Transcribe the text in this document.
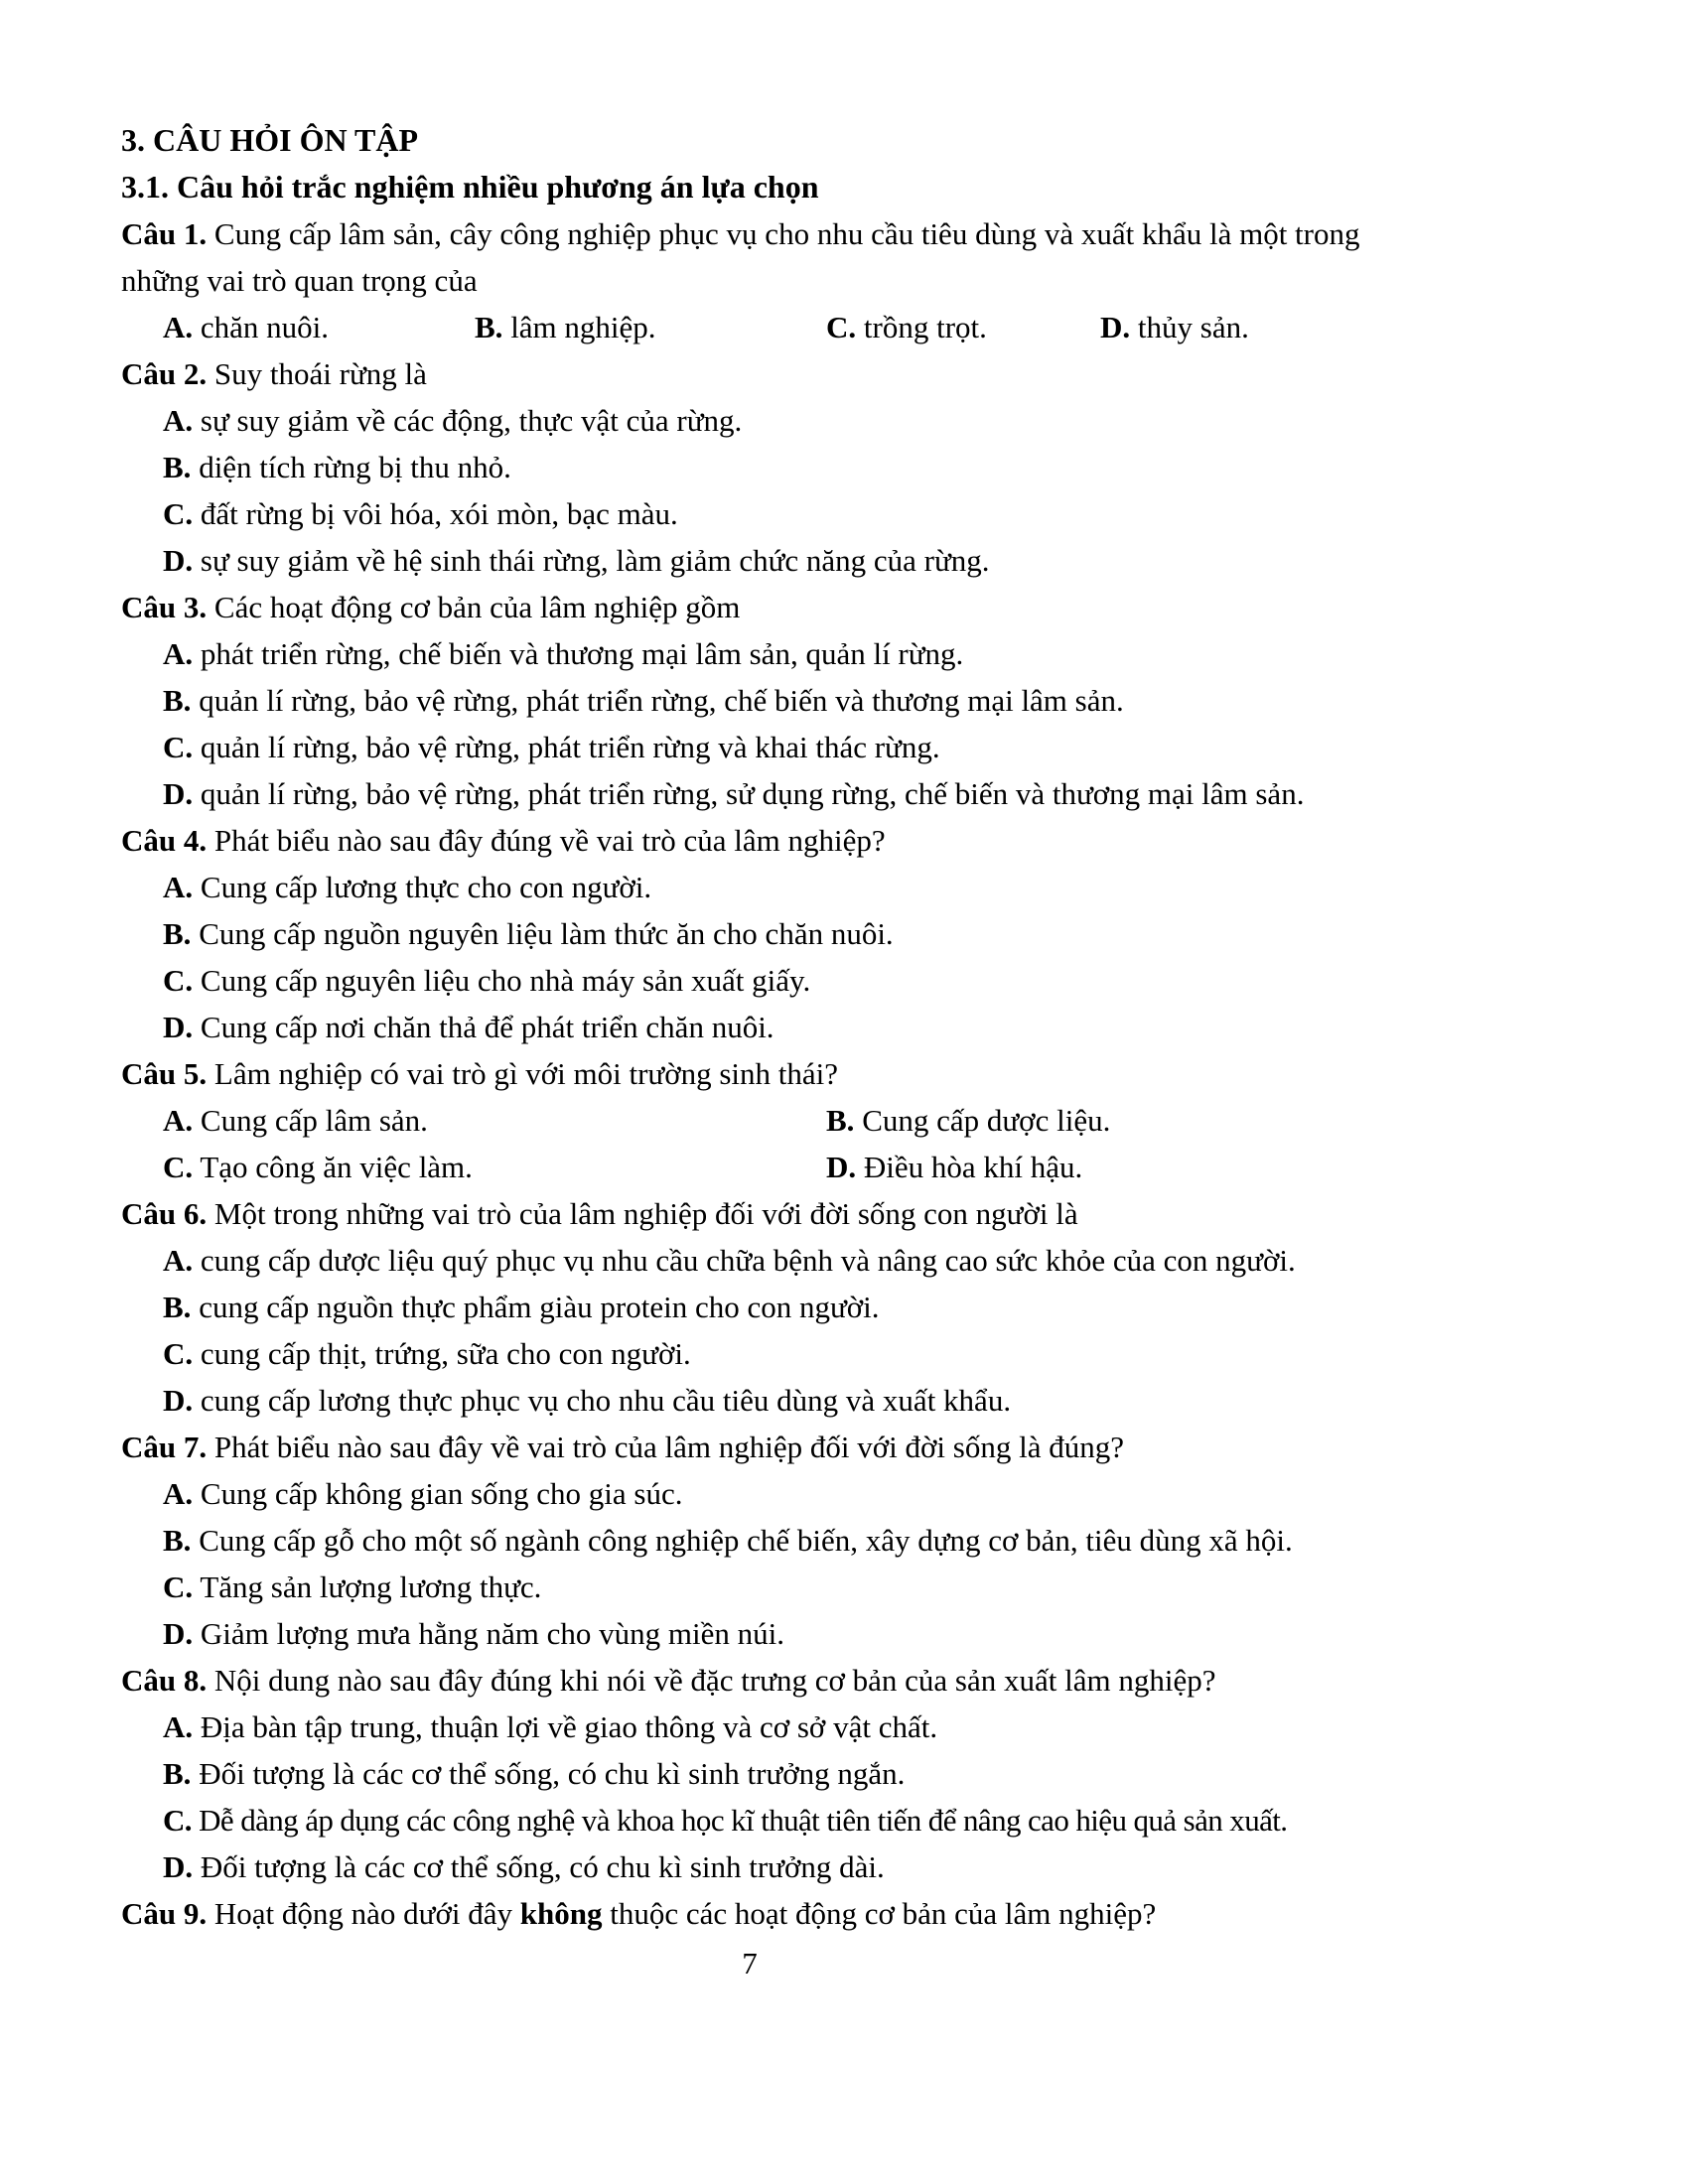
3. CÂU HỎI ÔN TẬP
3.1. Câu hỏi trắc nghiệm nhiều phương án lựa chọn
Câu 1. Cung cấp lâm sản, cây công nghiệp phục vụ cho nhu cầu tiêu dùng và xuất khẩu là một trong những vai trò quan trọng của
A. chăn nuôi.	B. lâm nghiệp.	C. trồng trọt.	D. thủy sản.
Câu 2. Suy thoái rừng là
A. sự suy giảm về các động, thực vật của rừng.
B. diện tích rừng bị thu nhỏ.
C. đất rừng bị vôi hóa, xói mòn, bạc màu.
D. sự suy giảm về hệ sinh thái rừng, làm giảm chức năng của rừng.
Câu 3. Các hoạt động cơ bản của lâm nghiệp gồm
A. phát triển rừng, chế biến và thương mại lâm sản, quản lí rừng.
B. quản lí rừng, bảo vệ rừng, phát triển rừng, chế biến và thương mại lâm sản.
C. quản lí rừng, bảo vệ rừng, phát triển rừng và khai thác rừng.
D. quản lí rừng, bảo vệ rừng, phát triển rừng, sử dụng rừng, chế biến và thương mại lâm sản.
Câu 4. Phát biểu nào sau đây đúng về vai trò của lâm nghiệp?
A. Cung cấp lương thực cho con người.
B. Cung cấp nguồn nguyên liệu làm thức ăn cho chăn nuôi.
C. Cung cấp nguyên liệu cho nhà máy sản xuất giấy.
D. Cung cấp nơi chăn thả để phát triển chăn nuôi.
Câu 5. Lâm nghiệp có vai trò gì với môi trường sinh thái?
A. Cung cấp lâm sản.	B. Cung cấp dược liệu.
C. Tạo công ăn việc làm.	D. Điều hòa khí hậu.
Câu 6. Một trong những vai trò của lâm nghiệp đối với đời sống con người là
A. cung cấp dược liệu quý phục vụ nhu cầu chữa bệnh và nâng cao sức khỏe của con người.
B. cung cấp nguồn thực phẩm giàu protein cho con người.
C. cung cấp thịt, trứng, sữa cho con người.
D. cung cấp lương thực phục vụ cho nhu cầu tiêu dùng và xuất khẩu.
Câu 7. Phát biểu nào sau đây về vai trò của lâm nghiệp đối với đời sống là đúng?
A. Cung cấp không gian sống cho gia súc.
B. Cung cấp gỗ cho một số ngành công nghiệp chế biến, xây dựng cơ bản, tiêu dùng xã hội.
C. Tăng sản lượng lương thực.
D. Giảm lượng mưa hằng năm cho vùng miền núi.
Câu 8. Nội dung nào sau đây đúng khi nói về đặc trưng cơ bản của sản xuất lâm nghiệp?
A. Địa bàn tập trung, thuận lợi về giao thông và cơ sở vật chất.
B. Đối tượng là các cơ thể sống, có chu kì sinh trưởng ngắn.
C. Dễ dàng áp dụng các công nghệ và khoa học kĩ thuật tiên tiến để nâng cao hiệu quả sản xuất.
D. Đối tượng là các cơ thể sống, có chu kì sinh trưởng dài.
Câu 9. Hoạt động nào dưới đây không thuộc các hoạt động cơ bản của lâm nghiệp?
7
